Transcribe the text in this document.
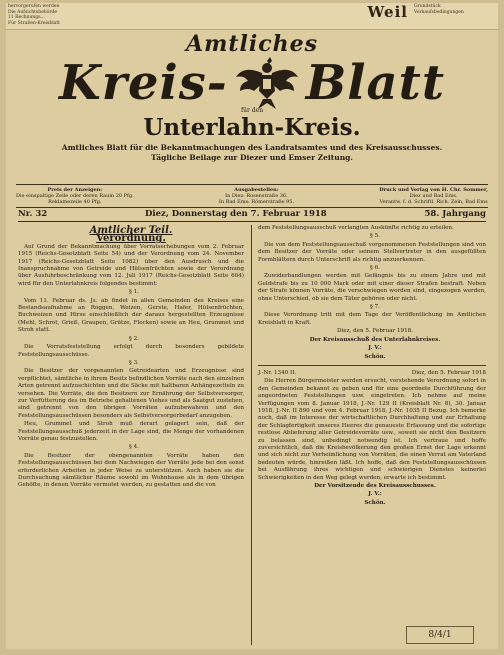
hervorgerufen werden
Die Aufsichtsbehörde
11 Rechnungs...
Für Straßen-Kreisblatt
Weil Grundstück
Verkaufsbedingungen
Amtliches
Kreis- Blatt
für den
Unterlahn-Kreis.
Amtliches Blatt für die Bekanntmachungen des Landratsamtes und des Kreisausschusses.
Tägliche Beilage zur Diezer und Emser Zeitung.
Preis der Anzeigen:
Die einspaltige Zeile oder deren Raum 20 Pfg.
Reklamezeile 40 Pfg.
Ausgabestellen:
In Diez: Rosenstraße 36.
In Bad Ems: Römerstraße 95.
Druck und Verlag von H. Chr. Sommer,
Diez und Bad Ems.
Verantw. f. d. Schriftl. Rich. Zein, Bad Ems
Nr. 32	Diez, Donnerstag den 7. Februar 1918	58. Jahrgang

Amtlicher Teil.

Verordnung.

Auf Grund der Bekanntmachung über Vorratserhebungen vom 2. Februar 1915 (Reichs-Gesetzblatt Seite 54) und der Verordnung vom 24. November 1917 (Reichs-Gesetzblatt Seite 1082) über den Ausdrusch und die Inanspruchnahme von Getreide und Hülsenfrüchten sowie der Verordnung über Ausfuhrbeschränkung vom 12. Juli 1917 (Reichs-Gesetzblatt Seite 604) wird für den Unterlahnkreis folgendes bestimmt:

§ 1.

Vom 11. Februar ds. Js. ab findet in allen Gemeinden des Kreises eine Bestandsaufnahme an Roggen, Weizen, Gerste, Hafer, Hülsenfrüchten, Buchweizen und Hirse einschließlich der daraus hergestellten Erzeugnisse (Mehl, Schrot, Grieß, Graupen, Grütze, Flocken) sowie an Heu, Grummet und Stroh statt.

§ 2.

Die Vorratsfeststellung erfolgt durch besonders gebildete Feststellungsausschüsse.

§ 3.

Die Besitzer der vorgenannten Getreidearten und Erzeugnisse sind verpflichtet, sämtliche in ihrem Besitz befindlichen Vorräte nach den einzelnen Arten getrennt aufzuschichten und die Säcke mit haltbaren Anhängezetteln zu versehen. Die Vorräte, die den Besitzern zur Ernährung der Selbstversorger, zur Verfütterung des im Betriebe gehaltenen Viehes und als Saatgut zustehen, sind getrennt von den übrigen Vorräten aufzubewahren und den Feststellungsausschüssen besonders als Selbstversorgerbedarf anzugeben.

Heu, Grummet und Stroh muß derart gelagert sein, daß der Feststellungsausschuß jederzeit in der Lage sind, die Menge der vorhandenen Vorräte genau festzustellen.

§ 4.

Die Besitzer der obengenannten Vorräte haben den Feststellungsausschüssen bei dem Nachwiegen der Vorräte jede bei den sonst erforderlichen Arbeiten in jeder Weise zu unterstützen. Auch haben sie die Durchsuchung sämtlicher Räume sowohl im Wohnhause als in dem übrigen Gehöfte, in denen Vorräte vermutet werden, zu gestatten und die von

dem Feststellungsausschuß verlangten Auskünfte richtig zu erteilen.

§ 5.

Die von dem Feststellungsausschuß vorgenommenen Feststellungen sind von dem Besitzer der Vorräte oder seinem Stellvertreter in den ausgefüllten Formblättern durch Unterschrift als richtig anzuerkennen.

§ 6.

Zuwiderhandlungen werden mit Gefängnis bis zu einem Jahre und mit Geldstrafe bis zu 10 000 Mark oder mit einer dieser Strafen bestraft. Neben der Strafe können Vorräte, die verschwiegen worden sind, eingezogen werden, ohne Unterschied, ob sie dem Täter gehören oder nicht.

§ 7.

Diese Verordnung tritt mit dem Tage der Veröffentlichung im Amtlichen Kreisblatt in Kraft.

Diez, den 5. Februar 1918.

Der Kreisausschuß des Unterlahnkreises.

J. V.:

Schön.

J.-Nr. 1340 II.	Diez, den 5. Februar 1918

Die Herren Bürgermeister werden ersucht, vorstehende Verordnung sofort in den Gemeinden bekannt zu geben und für eine geordnete Durchführung der angeordneten Feststellungen usw. eingetreten. Ich nehme auf meine Verfügungen vom 8. Januar 1918, J.-Nr. 129 II (Kreisblatt Nr. 8), 30. Januar 1918, J.-Nr. II 890 und vom 4. Februar 1918, J.-Nr. 1035 II Bezug. Ich bemerke noch, daß im Interesse der wirtschaftlichen Durchhaltung und zur Erhaltung der Schlagfertigkeit unseres Heeres die genaueste Erfassung und die sofortige restlose Ablieferung aller Getreidevorräte usw., soweit sie nicht den Besitzern zu belassen sind, unbedingt notwendig ist. Ich vertraue und hoffe zuversichtlich, daß die Kreisbevölkerung den großen Ernst der Lage erkennt und sich nicht zur Verheimlichung von Vorräten, die einen Verrat am Vaterland bedeuten würde, hinreißen läßt. Ich hoffe, daß den Feststellungsausschüssen bei Ausführung ihres wichtigen und schwierigen Dienstes keinerlei Schwierigkeiten in den Weg gelegt werden, erwarte ich bestimmt.

Der Vorsitzende des Kreisausschusses.

J. V.:

Schön.

8/4/1
